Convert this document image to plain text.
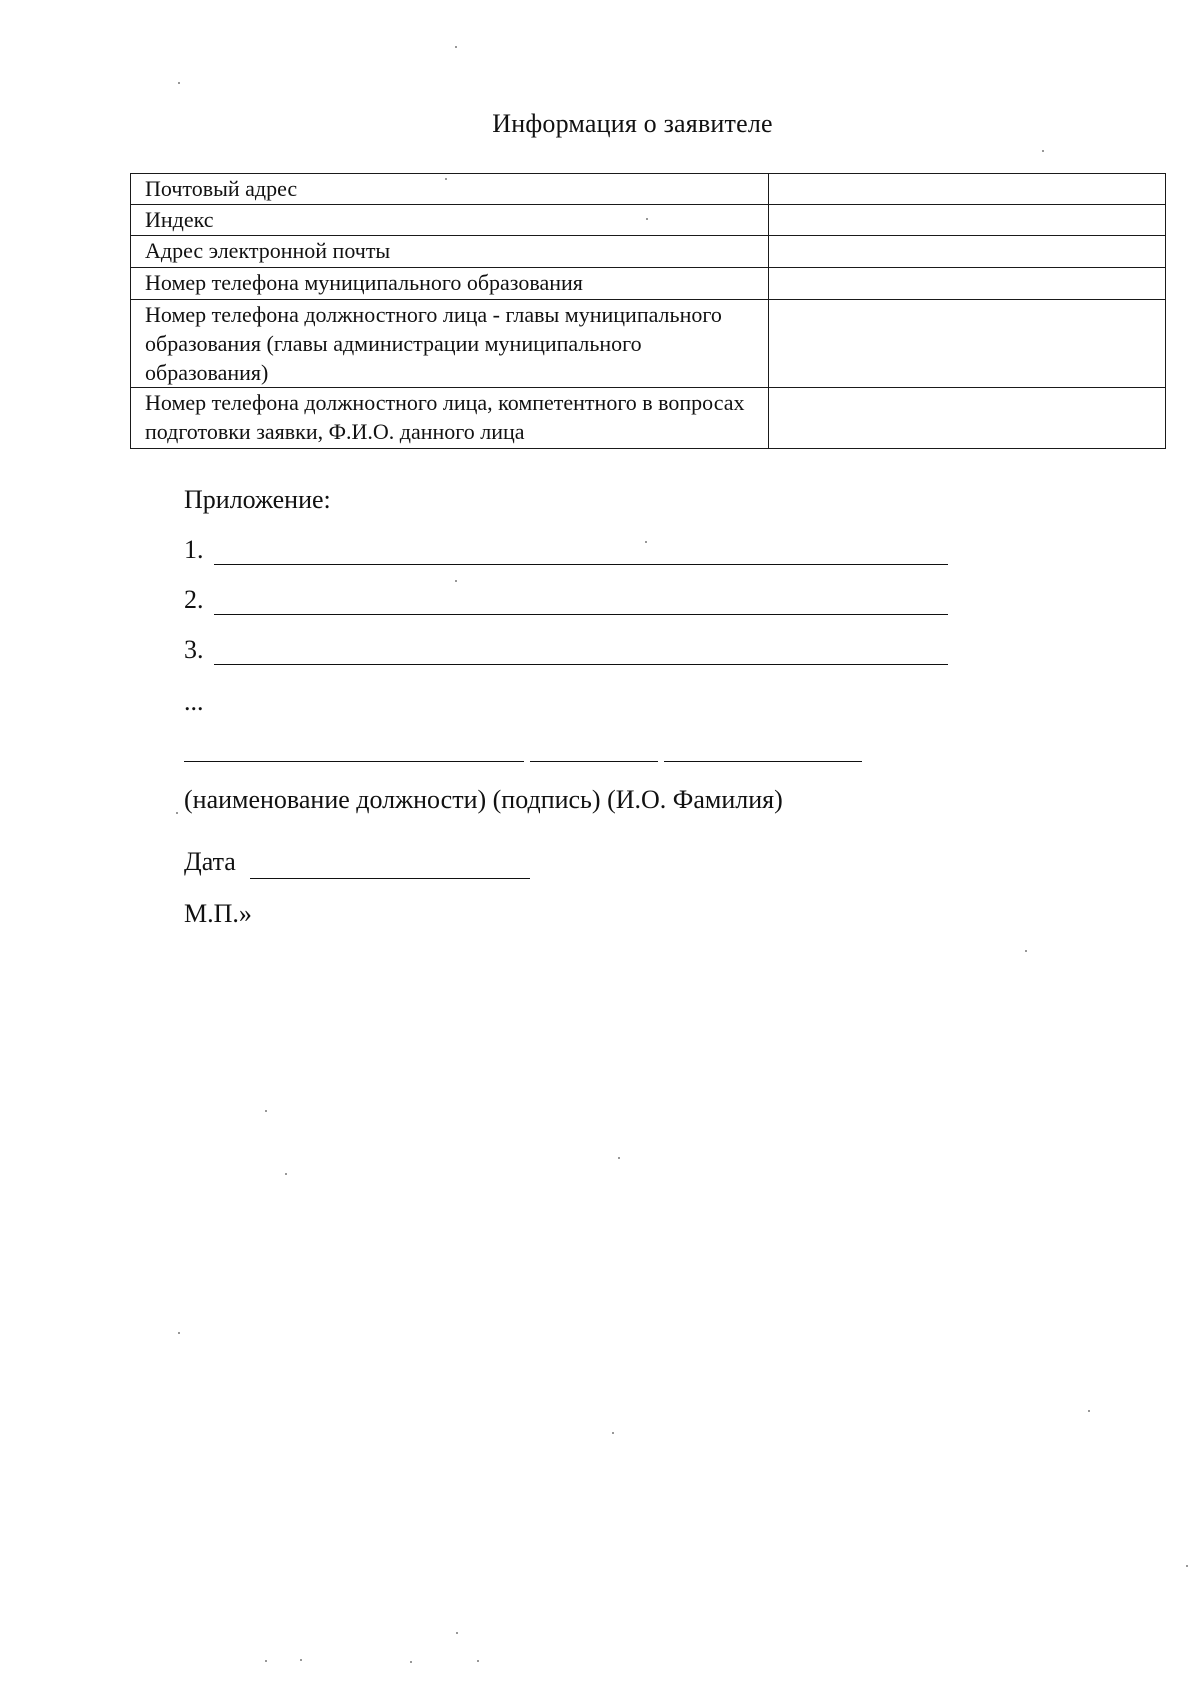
Информация о заявителе
Почтовый адрес	
Индекс	
Адрес электронной почты	
Номер телефона муниципального образования	
Номер телефона должностного лица - главы муниципального образования (главы администрации муниципального образования)	
Номер телефона должностного лица, компетентного в вопросах подготовки заявки, Ф.И.О. данного лица	
Приложение:
1.
2.
3.
...
(наименование должности) (подпись) (И.О. Фамилия)
Дата
М.П.»
